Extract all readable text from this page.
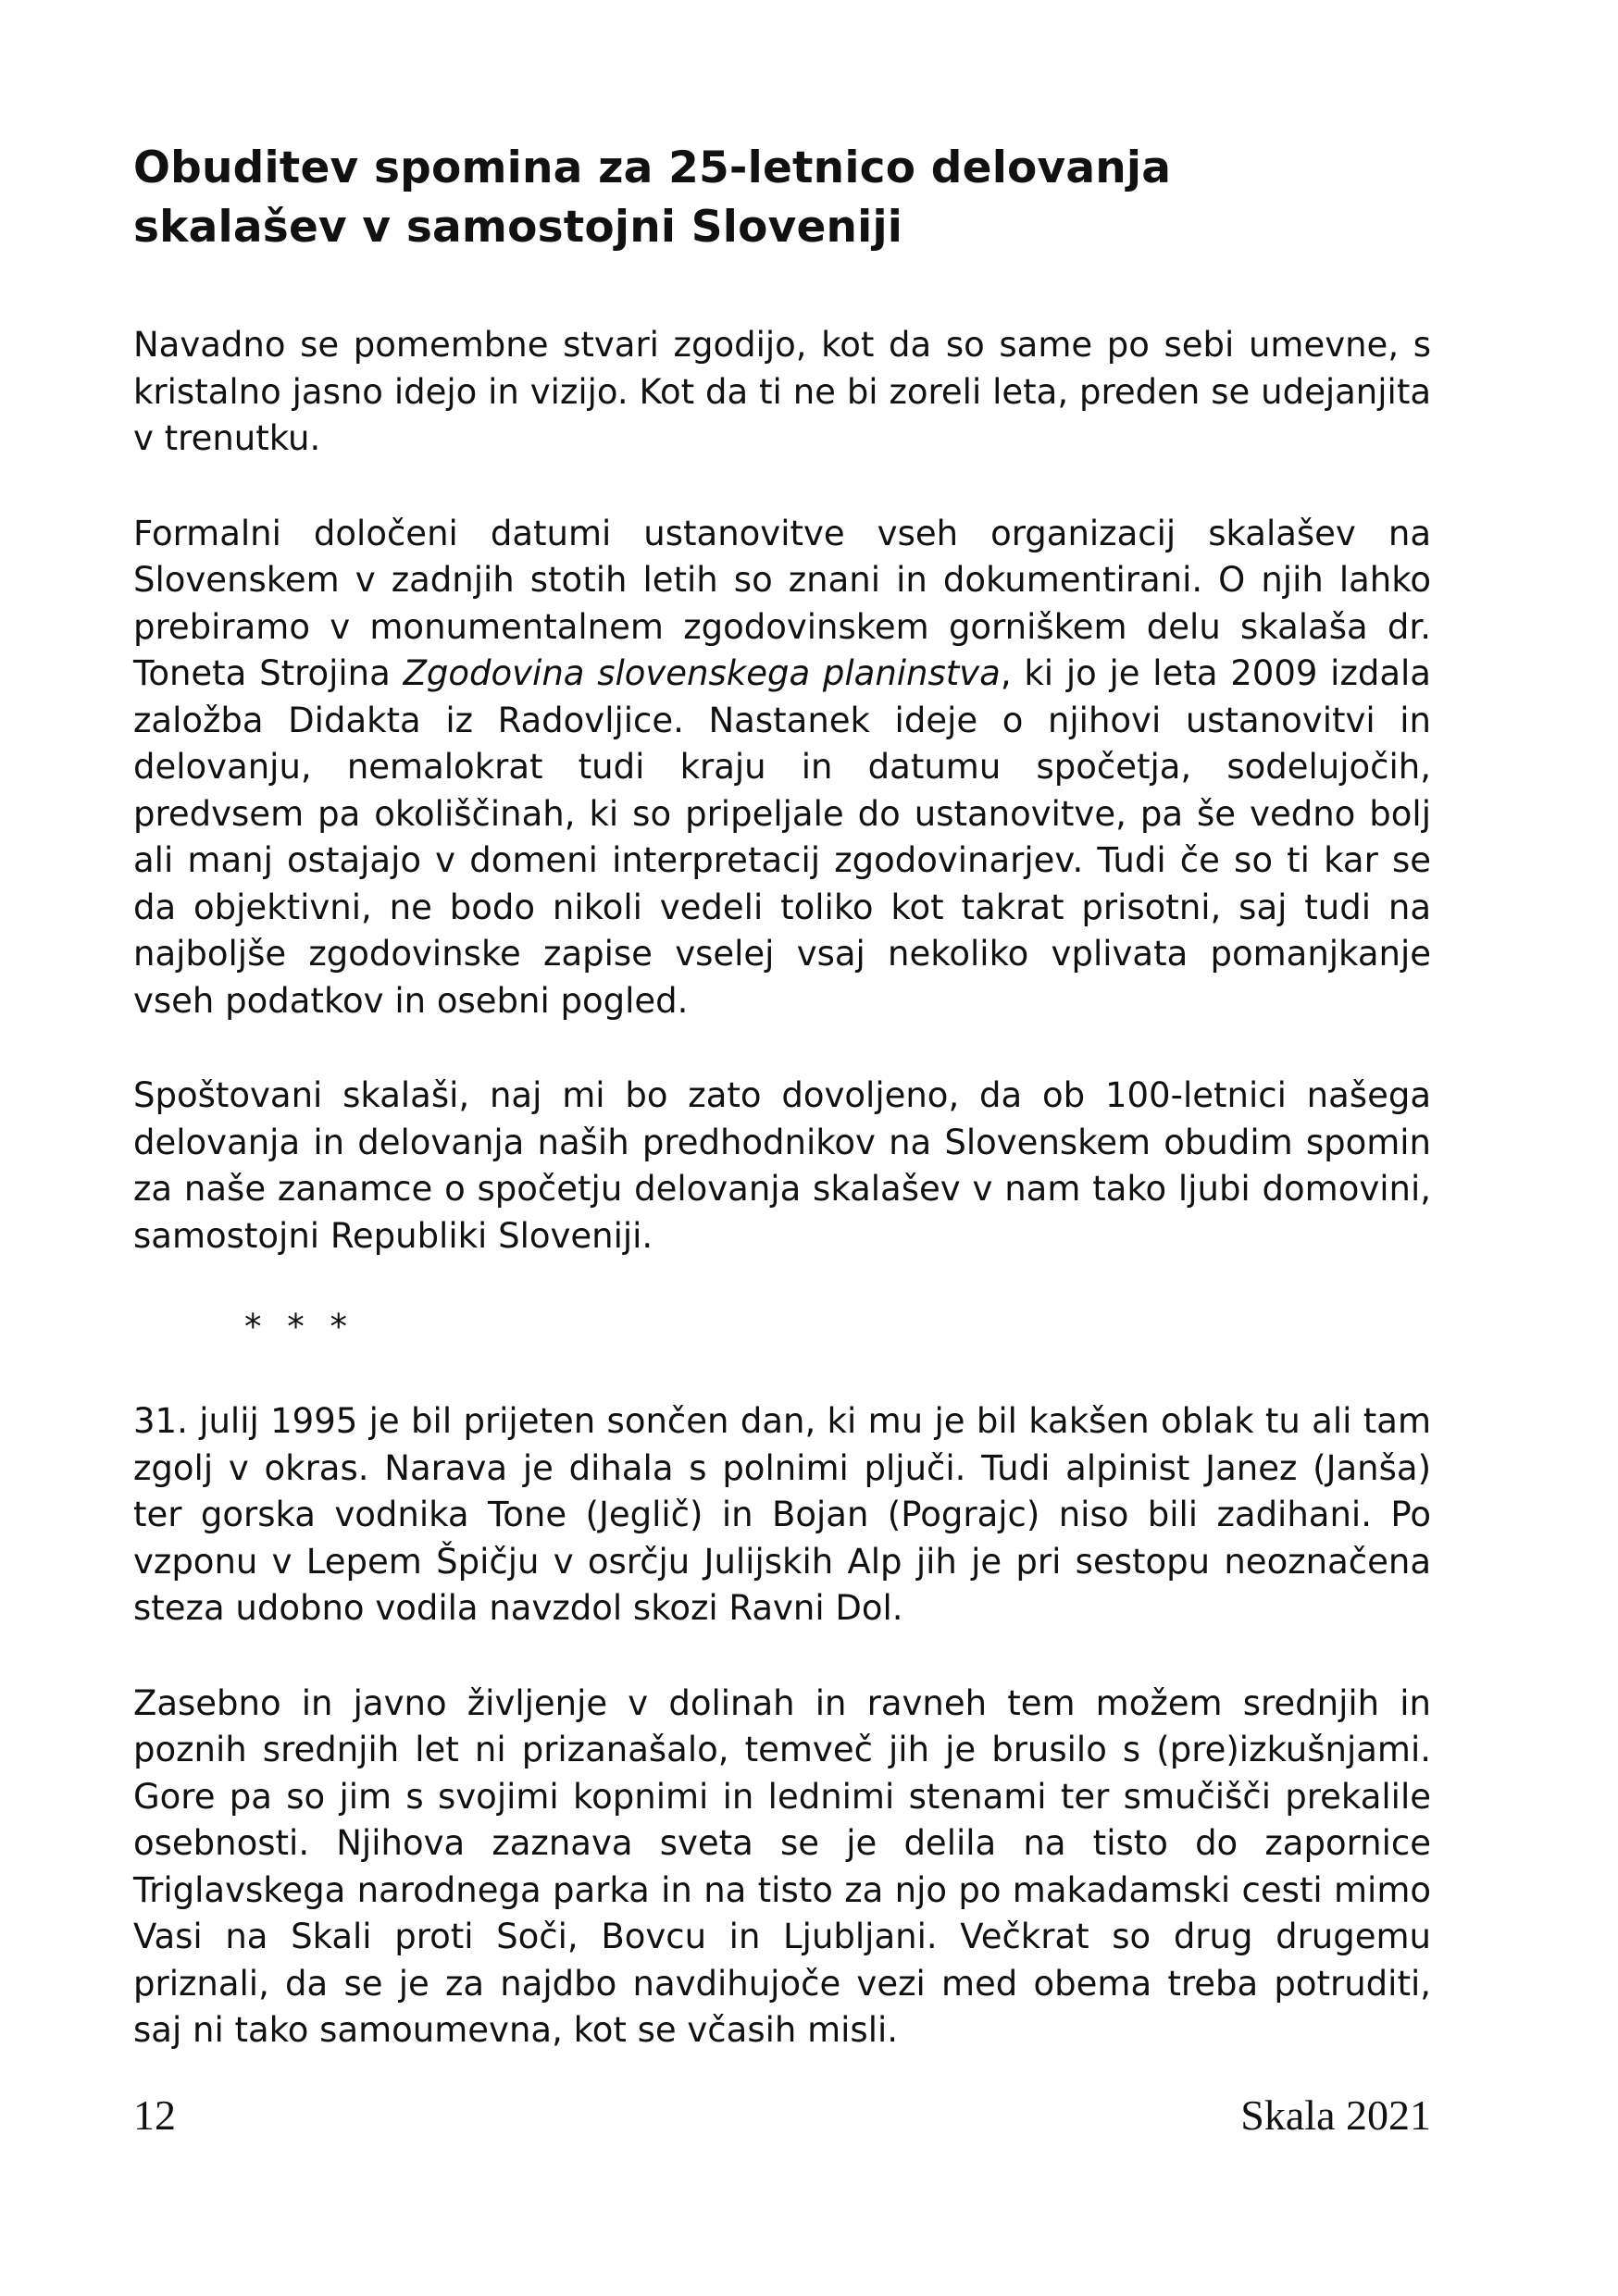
Obuditev spomina za 25-letnico delovanja
skalašev v samostojni Sloveniji

Navadno se pomembne stvari zgodijo, kot da so same po sebi umevne, s kristalno jasno idejo in vizijo. Kot da ti ne bi zoreli leta, preden se udejanjita v trenutku.

Formalni določeni datumi ustanovitve vseh organizacij skalašev na Slovenskem v zadnjih stotih letih so znani in dokumentirani. O njih lahko prebiramo v monumentalnem zgodovinskem gorniškem delu skalaša dr. Toneta Strojina Zgodovina slovenskega planinstva, ki jo je leta 2009 izdala založba Didakta iz Radovljice. Nastanek ideje o njihovi ustanovitvi in delovanju, nemalokrat tudi kraju in datumu spočetja, sodelujočih, predvsem pa okoliščinah, ki so pripeljale do ustanovitve, pa še vedno bolj ali manj ostajajo v domeni interpretacij zgodovinarjev. Tudi če so ti kar se da objektivni, ne bodo nikoli vedeli toliko kot takrat prisotni, saj tudi na najboljše zgodovinske zapise vselej vsaj nekoliko vplivata pomanjkanje vseh podatkov in osebni pogled.

Spoštovani skalaši, naj mi bo zato dovoljeno, da ob 100-letnici našega delovanja in delovanja naših predhodnikov na Slovenskem obudim spomin za naše zanamce o spočetju delovanja skalašev v nam tako ljubi domovini, samostojni Republiki Sloveniji.

* * *

31. julij 1995 je bil prijeten sončen dan, ki mu je bil kakšen oblak tu ali tam zgolj v okras. Narava je dihala s polnimi pljuči. Tudi alpinist Janez (Janša) ter gorska vodnika Tone (Jeglič) in Bojan (Pograjc) niso bili zadihani. Po vzponu v Lepem Špičju v osrčju Julijskih Alp jih je pri sestopu neoznačena steza udobno vodila navzdol skozi Ravni Dol.

Zasebno in javno življenje v dolinah in ravneh tem možem srednjih in poznih srednjih let ni prizanašalo, temveč jih je brusilo s (pre)izkušnjami. Gore pa so jim s svojimi kopnimi in lednimi stenami ter smučišči prekalile osebnosti. Njihova zaznava sveta se je delila na tisto do zapornice Triglavskega narodnega parka in na tisto za njo po makadamski cesti mimo Vasi na Skali proti Soči, Bovcu in Ljubljani. Večkrat so drug drugemu priznali, da se je za najdbo navdihujoče vezi med obema treba potruditi, saj ni tako samoumevna, kot se včasih misli.

12	Skala 2021
